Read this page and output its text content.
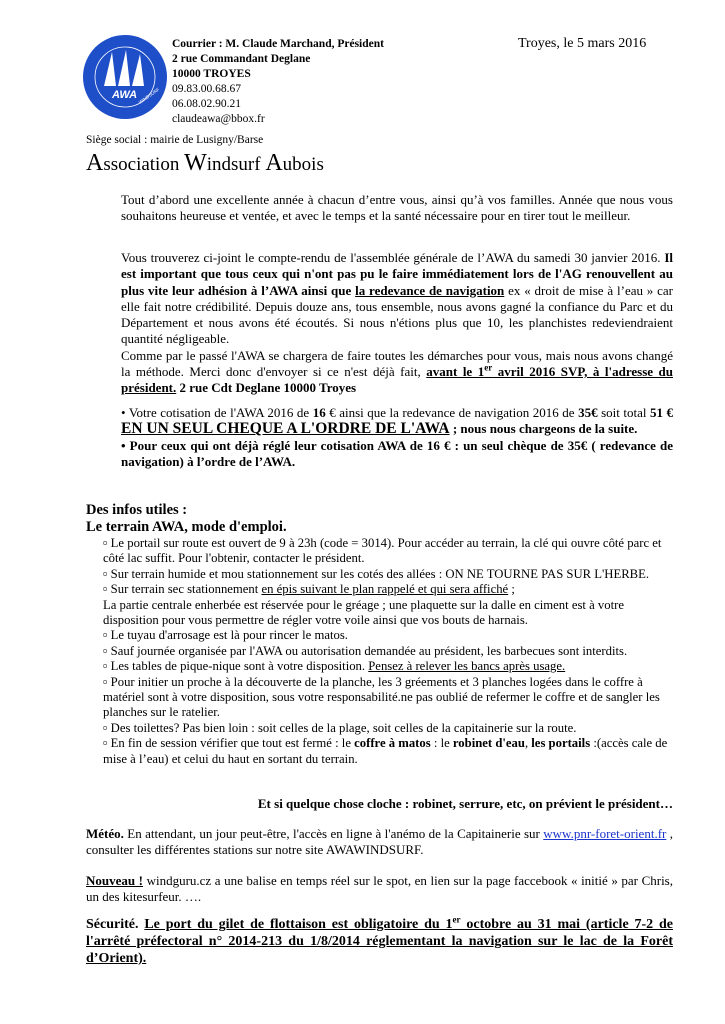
AWA WINDSURF
Courrier : M. Claude Marchand, Président
2 rue Commandant Deglane
10000 TROYES
09.83.00.68.67
06.08.02.90.21
claudeawa@bbox.fr
Troyes, le 5 mars 2016
Siège social : mairie de Lusigny/Barse
Association Windsurf Aubois

Tout d’abord une excellente année à chacun d’entre vous, ainsi qu’à vos familles. Année que nous vous souhaitons heureuse et ventée, et avec le temps et la santé nécessaire pour en tirer tout le meilleur.

Vous trouverez ci-joint le compte-rendu de l'assemblée générale de l’AWA du samedi 30 janvier 2016. Il est important que tous ceux qui n'ont pas pu le faire immédiatement lors de l'AG renouvellent au plus vite leur adhésion à l’AWA ainsi que la redevance de navigation ex « droit de mise à l’eau » car elle fait notre crédibilité. Depuis douze ans, tous ensemble, nous avons gagné la confiance du Parc et du Département et nous avons été écoutés. Si nous n'étions plus que 10, les planchistes redeviendraient quantité négligeable.

Comme par le passé l'AWA se chargera de faire toutes les démarches pour vous, mais nous avons changé la méthode. Merci donc d'envoyer si ce n'est déjà fait, avant le 1er avril 2016 SVP, à l'adresse du président. 2 rue Cdt Deglane 10000 Troyes

• Votre cotisation de l'AWA 2016 de 16 € ainsi que la redevance de navigation 2016 de 35€ soit total 51 € EN UN SEUL CHEQUE A L'ORDRE DE L'AWA ; nous nous chargeons de la suite.

• Pour ceux qui ont déjà réglé leur cotisation AWA de 16 € : un seul chèque de 35€ ( redevance de navigation) à l’ordre de l’AWA.

Des infos utiles :
Le terrain AWA, mode d'emploi.

▫ Le portail sur route est ouvert de 9 à 23h (code = 3014). Pour accéder au terrain, la clé qui ouvre côté parc et côté lac suffit. Pour l'obtenir, contacter le président.

▫ Sur terrain humide et mou stationnement sur les cotés des allées : ON NE TOURNE PAS SUR L'HERBE.

▫ Sur terrain sec stationnement en épis suivant le plan rappelé et qui sera affiché ;

La partie centrale enherbée est réservée pour le gréage ; une plaquette sur la dalle en ciment est à votre disposition pour vous permettre de régler votre voile ainsi que vos bouts de harnais.

▫ Le tuyau d'arrosage est là pour rincer le matos.

▫ Sauf journée organisée par l'AWA ou autorisation demandée au président, les barbecues sont interdits.

▫ Les tables de pique-nique sont à votre disposition. Pensez à relever les bancs après usage.

▫ Pour initier un proche à la découverte de la planche, les 3 gréements et 3 planches logées dans le coffre à matériel sont à votre disposition, sous votre responsabilité.ne pas oublié de refermer le coffre et de sangler les planches sur le ratelier.

▫ Des toilettes? Pas bien loin : soit celles de la plage, soit celles de la capitainerie sur la route.

▫ En fin de session vérifier que tout est fermé : le coffre à matos : le robinet d'eau, les portails :(accès cale de mise à l’eau) et celui du haut en sortant du terrain.

Et si quelque chose cloche : robinet, serrure, etc, on prévient le président…

Météo. En attendant, un jour peut-être, l'accès en ligne à l'anémo de la Capitainerie sur www.pnr-foret-orient.fr , consulter les différentes stations sur notre site AWAWINDSURF.

Nouveau ! windguru.cz a une balise en temps réel sur le spot, en lien sur la page faccebook « initié » par Chris, un des kitesurfeur. ….

Sécurité. Le port du gilet de flottaison est obligatoire du 1er octobre au 31 mai (article 7-2 de l'arrêté préfectoral n° 2014-213 du 1/8/2014 réglementant la navigation sur le lac de la Forêt d’Orient).
